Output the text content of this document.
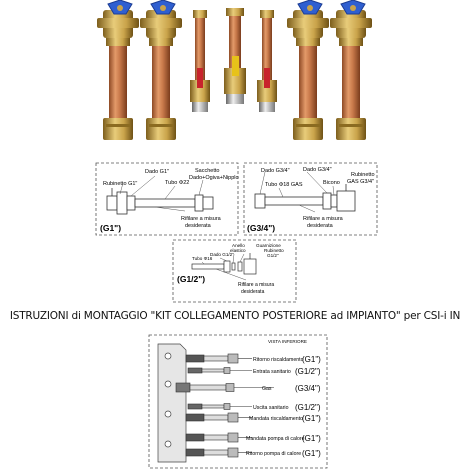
Rubinetto G1"
Dado G1"
Tubo Φ22
Sacchetto
Dado+Ogiva+Nipplo
Rifilare a misura
desiderata
(G1")
Dado G3/4"
Tubo Φ18 GAS
Dado G3/4"
Bicono
Rubinetto
GAS G3/4"
Rifilare a misura
desiderata
(G3/4")
Anello
elastico
Guarnizione
Rubinetto
G1/2"
Dado G1/2"
Tubo Φ16
Rifilare a misura
desiderata
(G1/2")
ISTRUZIONI di MONTAGGIO "KIT COLLEGAMENTO POSTERIORE ad IMPIANTO" per CSI-i IN
VISTA INFERIORE
Ritorno riscaldamento
Entrata sanitario
Gas
Uscita sanitario
Mandata riscaldamento
Mandata pompa di calore
Ritorno pompa di calore
(G1")
(G1/2")
(G3/4")
(G1/2")
(G1")
(G1")
(G1")
